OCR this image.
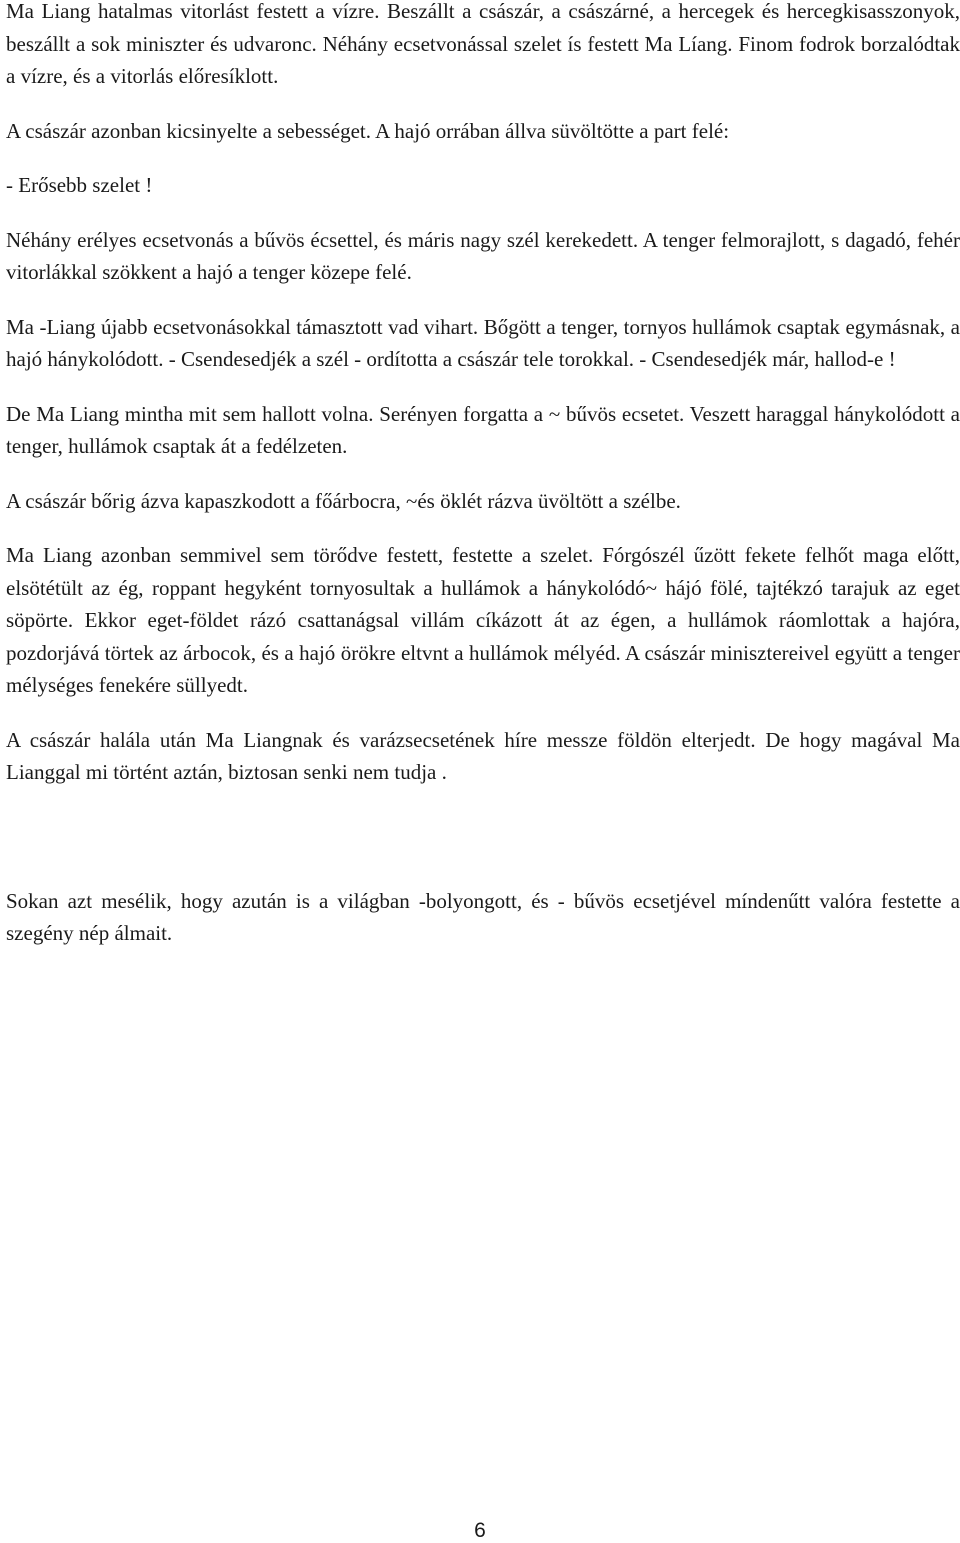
Ma Liang hatalmas vitorlást festett a vízre. Beszállt a császár, a császárné, a hercegek és hercegkisasszonyok, beszállt a sok miniszter és udvaronc. Néhány ecsetvonással szelet ís festett Ma Líang. Finom fodrok borzalódtak a vízre, és a vitorlás előresíklott.

A császár azonban kicsinyelte a sebességet. A hajó orrában állva süvöltötte a part felé:

- Erősebb szelet !

Néhány erélyes ecsetvonás a bűvös écsettel, és máris nagy szél kerekedett. A tenger felmorajlott, s dagadó, fehér vitorlákkal szökkent a hajó a tenger közepe felé.

Ma -Liang újabb ecsetvonásokkal támasztott vad vihart. Bőgött a tenger, tornyos hullámok csaptak egymásnak, a hajó hánykolódott. - Csendesedjék a szél - ordította a császár tele torokkal. - Csendesedjék már, hallod-e !

De Ma Liang mintha mit sem hallott volna. Serényen forgatta a ~ bűvös ecsetet. Veszett haraggal hánykolódott a tenger, hullámok csaptak át a fedélzeten.

A császár bőrig ázva kapaszkodott a főárbocra, ~és öklét rázva üvöltött a szélbe.

Ma Liang azonban semmivel sem törődve festett, festette a szelet. Fórgószél űzött fekete felhőt maga előtt, elsötétült az ég, roppant hegyként tornyosultak a hullámok a hánykolódó~ hájó fölé, tajtékzó tarajuk az eget söpörte. Ekkor eget-földet rázó csattanágsal villám cíkázott át az égen, a hullámok ráomlottak a hajóra, pozdorjává törtek az árbocok, és a hajó örökre eltvnt a hullámok mélyéd. A császár minisztereivel együtt a tenger mélységes fenekére süllyedt.

A császár halála után Ma Liangnak és varázsecsetének híre messze földön elterjedt. De hogy magával Ma Lianggal mi történt aztán, biztosan senki nem tudja .

Sokan azt mesélik, hogy azután is a világban -bolyongott, és - bűvös ecsetjével míndenűtt valóra festette a szegény nép álmait.

6
